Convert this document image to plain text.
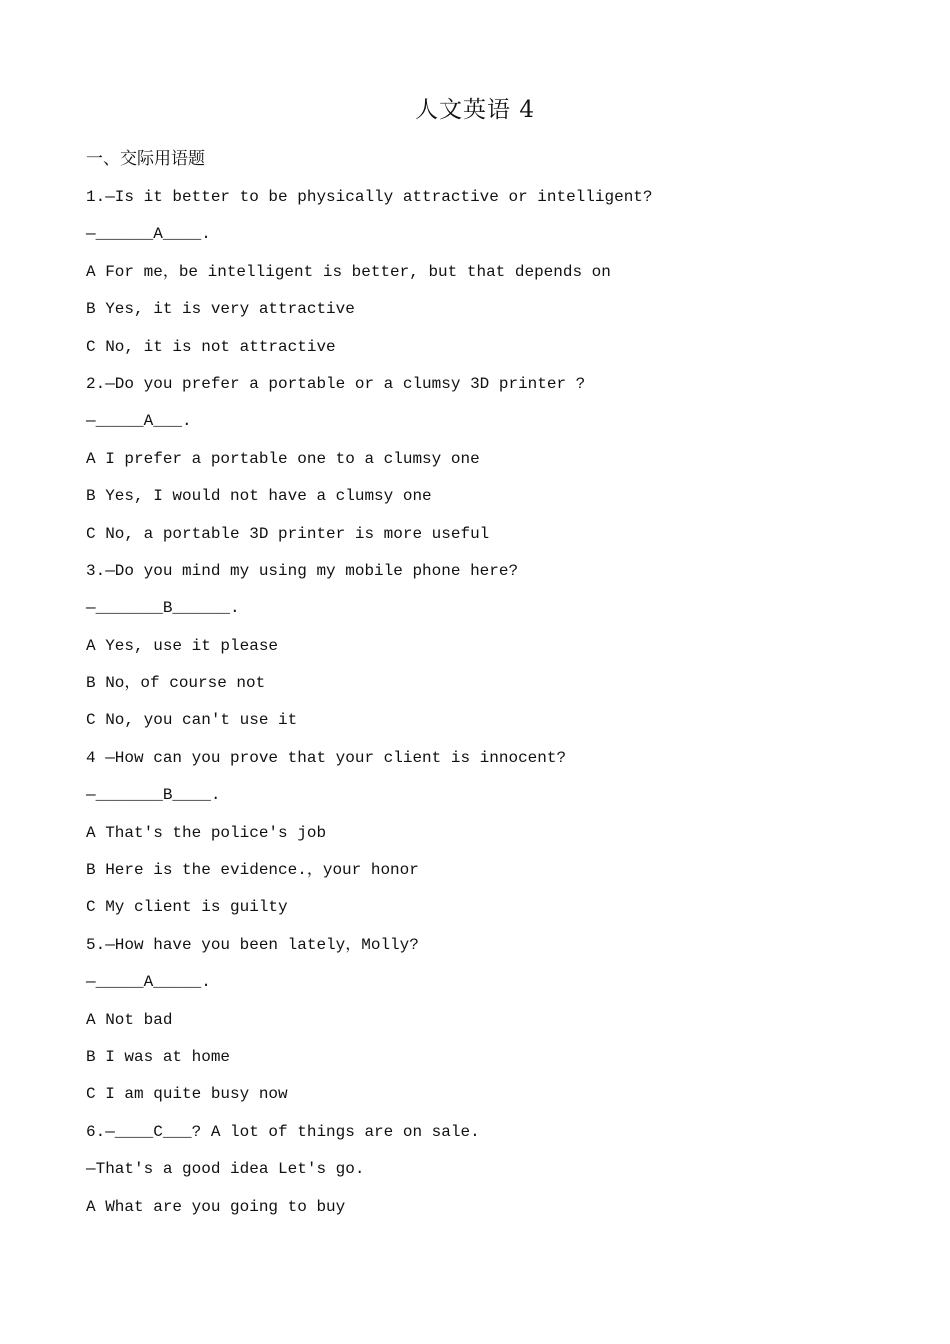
人文英语 4
一、交际用语题
1.—Is it better to be physically attractive or intelligent?
—______A____.
A For me，be intelligent is better, but that depends on
B Yes, it is very attractive
C No, it is not attractive
2.—Do you prefer a portable or a clumsy 3D printer ?
—_____A___.
A I prefer a portable one to a clumsy one
B Yes, I would not have a clumsy one
C No, a portable 3D printer is more useful
3.—Do you mind my using my mobile phone here?
—_______B______.
A Yes, use it please
B No，of course not
C No, you can't use it
4 —How can you prove that your client is innocent?
—_______B____.
A That's the police's job
B Here is the evidence.，your honor
C My client is guilty
5.—How have you been lately，Molly?
—_____A_____.
A Not bad
B I was at home
C I am quite busy now
6.—____C___? A lot of things are on sale.
—That's a good idea Let's go.
A What are you going to buy
